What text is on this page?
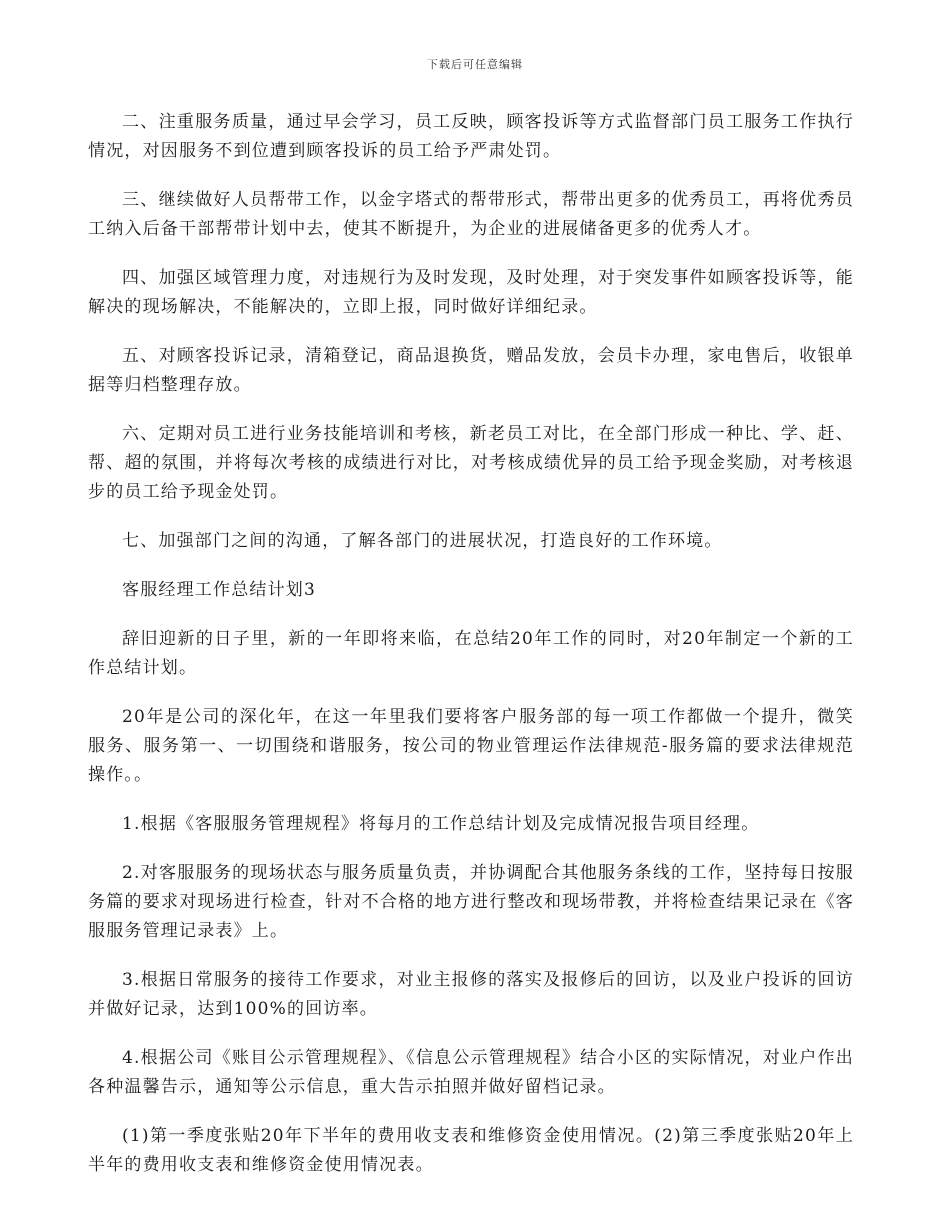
下载后可任意编辑

二、注重服务质量，通过早会学习，员工反映，顾客投诉等方式监督部门员工服务工作执行情况，对因服务不到位遭到顾客投诉的员工给予严肃处罚。

三、继续做好人员帮带工作，以金字塔式的帮带形式，帮带出更多的优秀员工，再将优秀员工纳入后备干部帮带计划中去，使其不断提升，为企业的进展储备更多的优秀人才。

四、加强区域管理力度，对违规行为及时发现，及时处理，对于突发事件如顾客投诉等，能解决的现场解决，不能解决的，立即上报，同时做好详细纪录。

五、对顾客投诉记录，清箱登记，商品退换货，赠品发放，会员卡办理，家电售后，收银单据等归档整理存放。

六、定期对员工进行业务技能培训和考核，新老员工对比，在全部门形成一种比、学、赶、帮、超的氛围，并将每次考核的成绩进行对比，对考核成绩优异的员工给予现金奖励，对考核退步的员工给予现金处罚。

七、加强部门之间的沟通，了解各部门的进展状况，打造良好的工作环境。

客服经理工作总结计划3

辞旧迎新的日子里，新的一年即将来临，在总结20年工作的同时，对20年制定一个新的工作总结计划。

20年是公司的深化年，在这一年里我们要将客户服务部的每一项工作都做一个提升，微笑服务、服务第一、一切围绕和谐服务，按公司的物业管理运作法律规范-服务篇的要求法律规范操作。。

1.根据《客服服务管理规程》将每月的工作总结计划及完成情况报告项目经理。

2.对客服服务的现场状态与服务质量负责，并协调配合其他服务条线的工作，坚持每日按服务篇的要求对现场进行检查，针对不合格的地方进行整改和现场带教，并将检查结果记录在《客服服务管理记录表》上。

3.根据日常服务的接待工作要求，对业主报修的落实及报修后的回访，以及业户投诉的回访并做好记录，达到100%的回访率。

4.根据公司《账目公示管理规程》、《信息公示管理规程》结合小区的实际情况，对业户作出各种温馨告示，通知等公示信息，重大告示拍照并做好留档记录。

(1)第一季度张贴20年下半年的费用收支表和维修资金使用情况。(2)第三季度张贴20年上半年的费用收支表和维修资金使用情况表。
